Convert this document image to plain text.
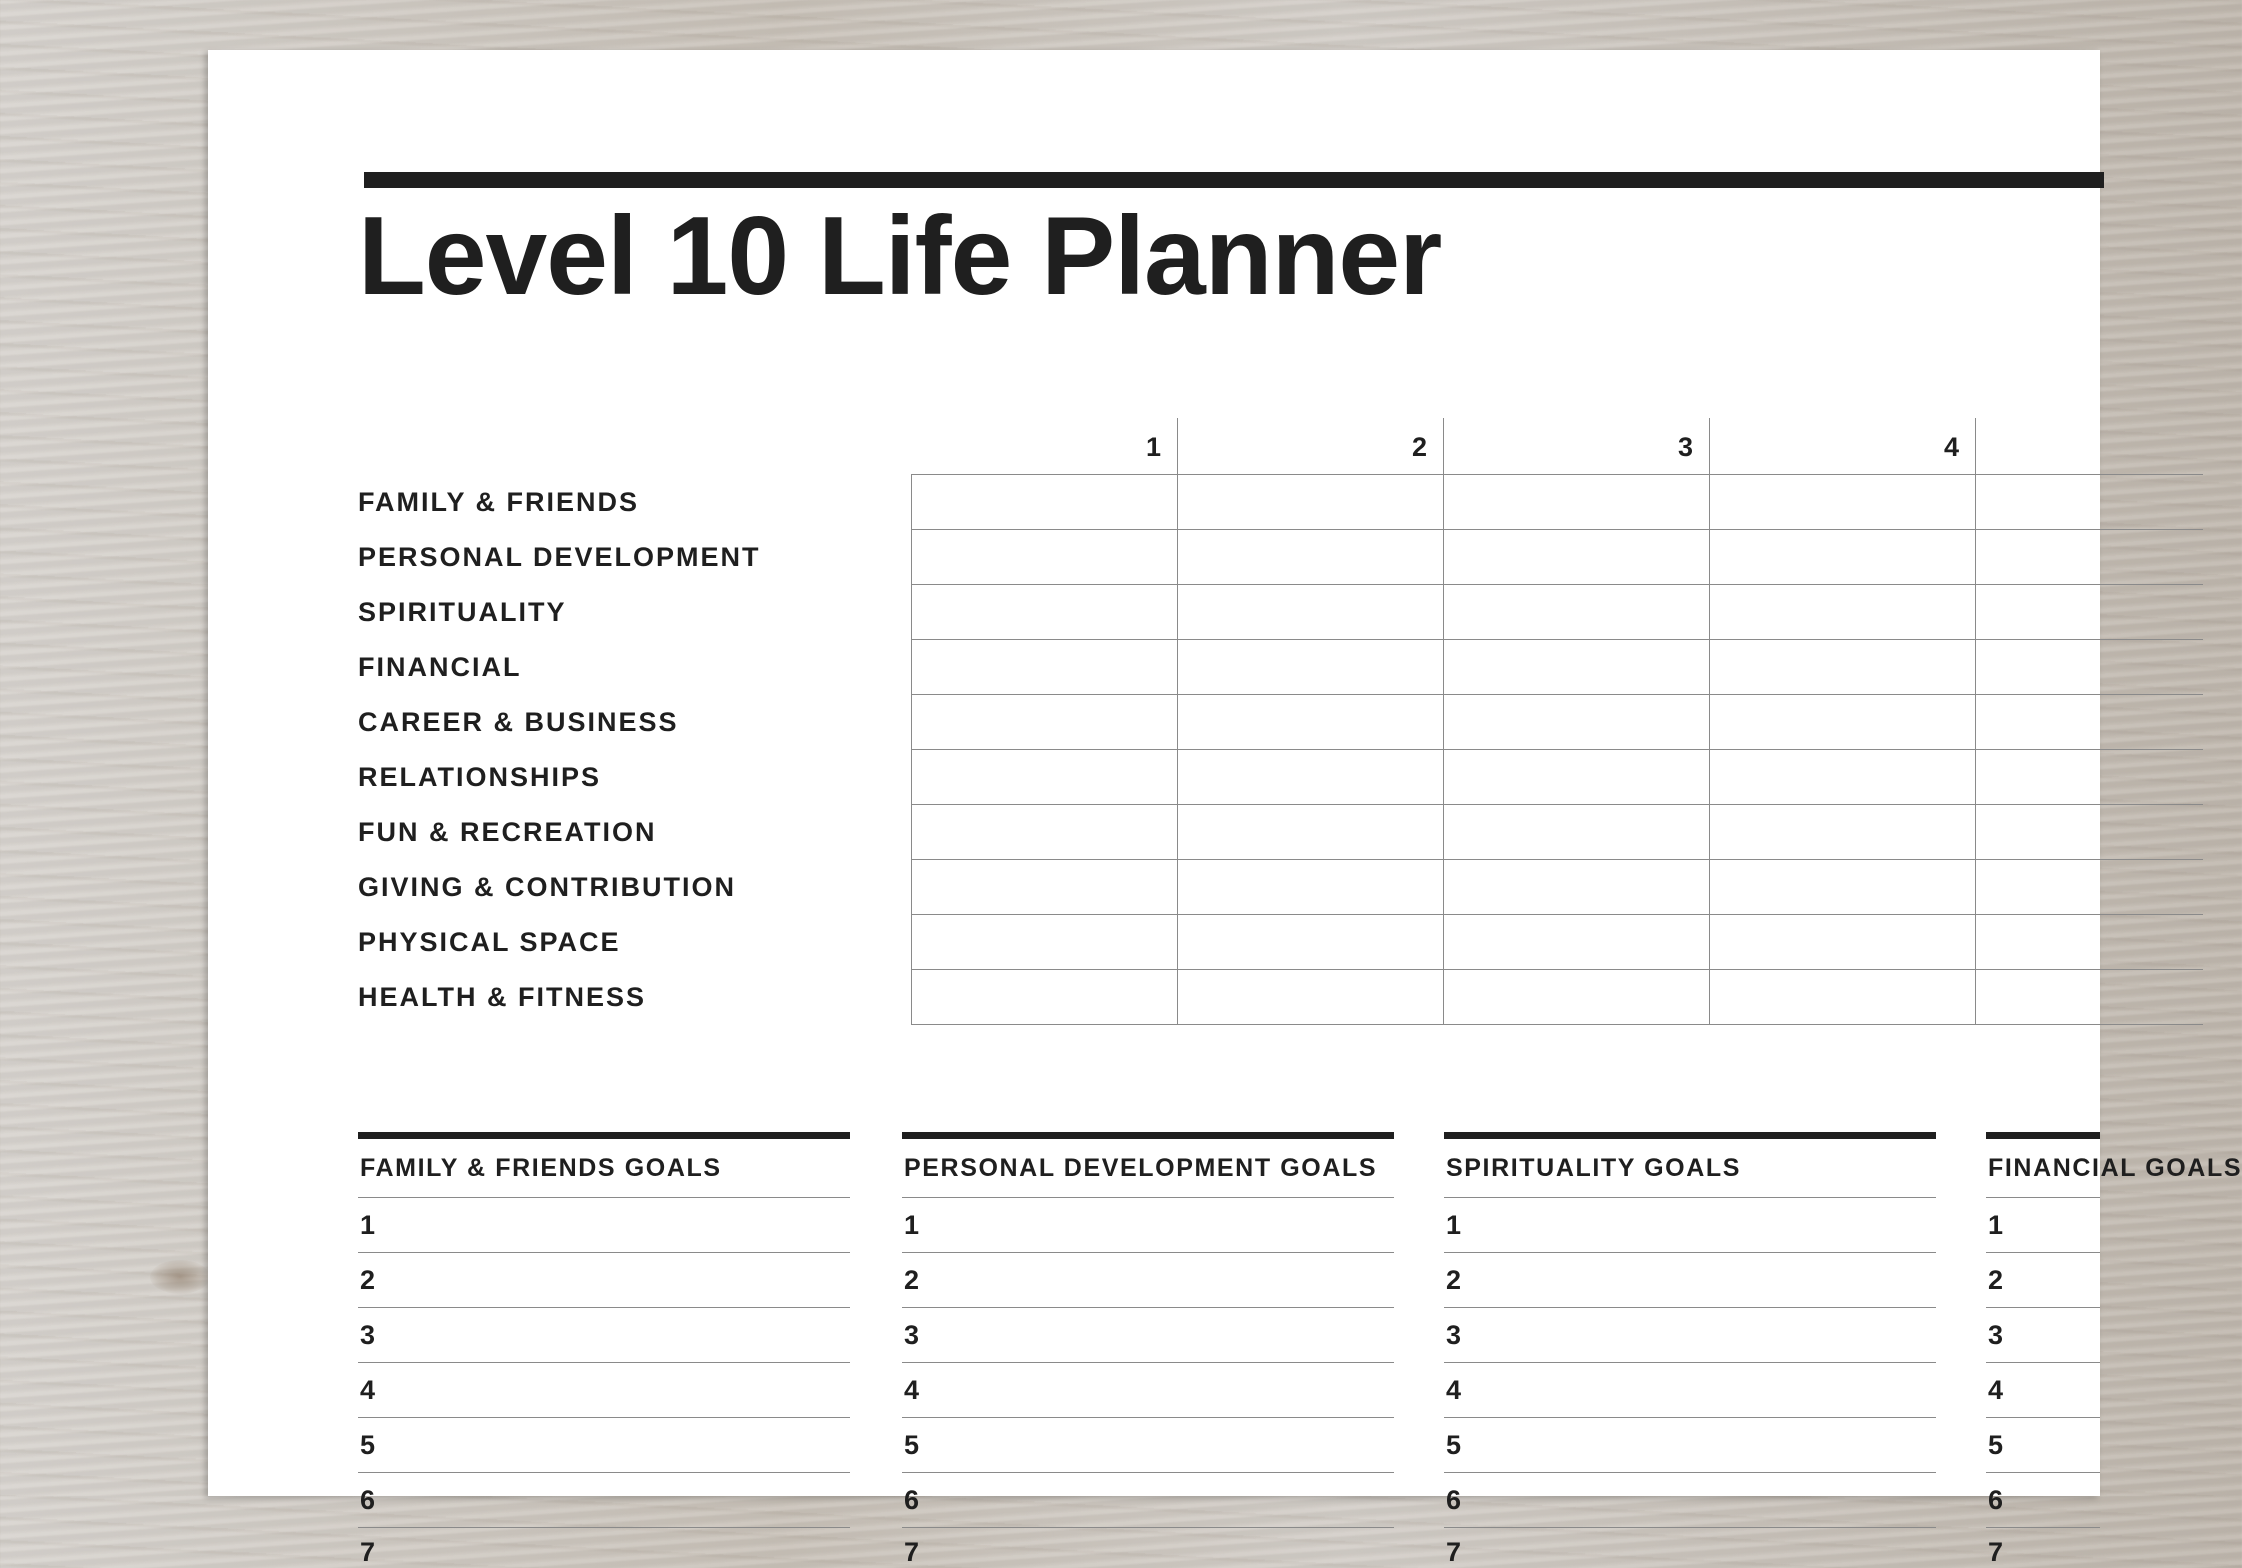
Level 10 Life Planner
FAMILY & FRIENDS
PERSONAL DEVELOPMENT
SPIRITUALITY
FINANCIAL
CAREER & BUSINESS
RELATIONSHIPS
FUN & RECREATION
GIVING & CONTRIBUTION
PHYSICAL SPACE
HEALTH & FITNESS
1	2	3	4
FAMILY & FRIENDS GOALS
1
2
3
4
5
6
7
PERSONAL DEVELOPMENT GOALS
1
2
3
4
5
6
7
SPIRITUALITY GOALS
1
2
3
4
5
6
7
FINANCIAL GOALS
1
2
3
4
5
6
7
